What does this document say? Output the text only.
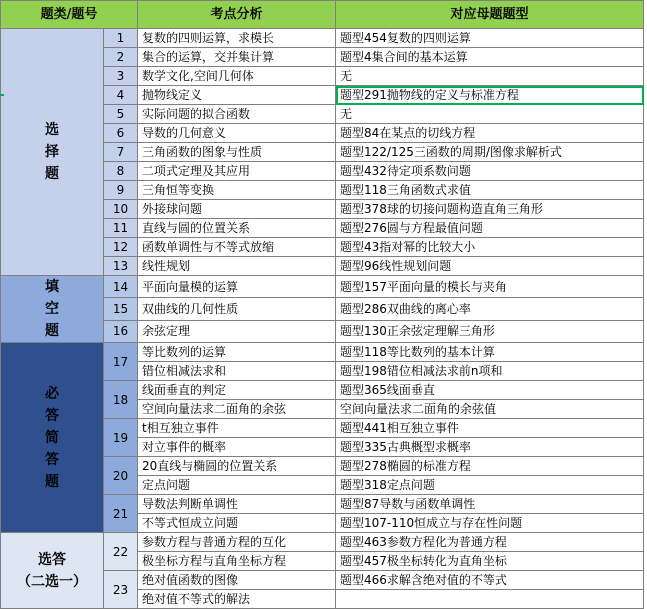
题类/题号		考点分析	对应母题题型
选
择
题	1	复数的四则运算，求模长	题型454复数的四则运算
	2	集合的运算，交并集计算	题型4集合间的基本运算
	3	数学文化,空间几何体	无
	4	抛物线定义	题型291抛物线的定义与标准方程
	5	实际问题的拟合函数	无
	6	导数的几何意义	题型84在某点的切线方程
	7	三角函数的图象与性质	题型122/125三函数的周期/图像求解析式
	8	二项式定理及其应用	题型432待定项系数问题
	9	三角恒等变换	题型118三角函数式求值
	10	外接球问题	题型378球的切接问题构造直角三角形
	11	直线与圆的位置关系	题型276圆与方程最值问题
	12	函数单调性与不等式放缩	题型43指对幂的比较大小
	13	线性规划	题型96线性规划问题
填
空
题	14	平面向量模的运算	题型157平面向量的模长与夹角
	15	双曲线的几何性质	题型286双曲线的离心率
	16	余弦定理	题型130正余弦定理解三角形
必
答
简
答
题	17	等比数列的运算	题型118等比数列的基本计算
		错位相减法求和	题型198错位相减法求前n项和
	18	线面垂直的判定	题型365线面垂直
		空间向量法求二面角的余弦	空间向量法求二面角的余弦值
	19	t相互独立事件	题型441相互独立事件
		对立事件的概率	题型335古典概型求概率
	20	20直线与椭圆的位置关系	题型278椭圆的标准方程
		定点问题	题型318定点问题
	21	导数法判断单调性	题型87导数与函数单调性
		不等式恒成立问题	题型107-110恒成立与存在性问题
选答
（二选一）	22	参数方程与普通方程的互化	题型463参数方程化为普通方程
		极坐标方程与直角坐标方程	题型457极坐标转化为直角坐标
	23	绝对值函数的图像	题型466求解含绝对值的不等式
		绝对值不等式的解法	
